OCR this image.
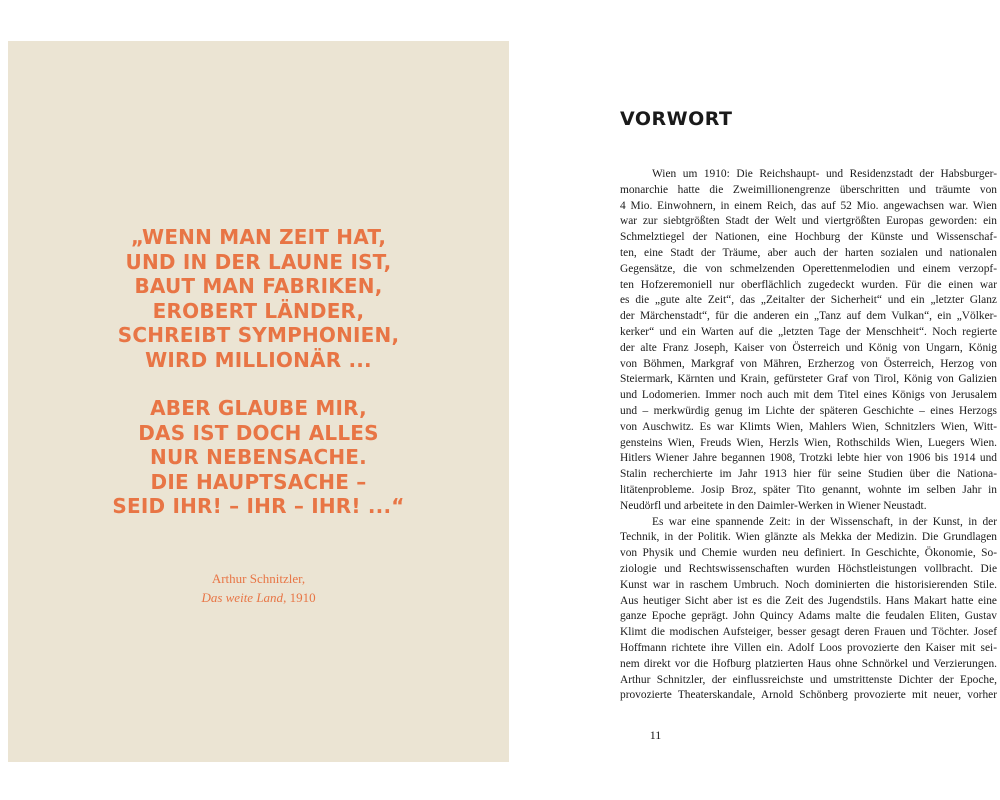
„WENN MAN ZEIT HAT,
UND IN DER LAUNE IST,
BAUT MAN FABRIKEN,
EROBERT LÄNDER,
SCHREIBT SYMPHONIEN,
WIRD MILLIONÄR ...
ABER GLAUBE MIR,
DAS IST DOCH ALLES
NUR NEBENSACHE.
DIE HAUPTSACHE –
SEID IHR! – IHR – IHR! ...“
Arthur Schnitzler,
Das weite Land, 1910
VORWORT
Wien um 1910: Die Reichshaupt- und Residenzstadt der Habsburger-
monarchie hatte die Zweimillionengrenze überschritten und träumte von
4 Mio. Einwohnern, in einem Reich, das auf 52 Mio. angewachsen war. Wien
war zur siebtgrößten Stadt der Welt und viertgrößten Europas geworden: ein
Schmelztiegel der Nationen, eine Hochburg der Künste und Wissenschaf-
ten, eine Stadt der Träume, aber auch der harten sozialen und nationalen
Gegensätze, die von schmelzenden Operettenmelodien und einem verzopf-
ten Hofzeremoniell nur oberflächlich zugedeckt wurden. Für die einen war
es die „gute alte Zeit“, das „Zeitalter der Sicherheit“ und ein „letzter Glanz
der Märchenstadt“, für die anderen ein „Tanz auf dem Vulkan“, ein „Völker-
kerker“ und ein Warten auf die „letzten Tage der Menschheit“. Noch regierte
der alte Franz Joseph, Kaiser von Österreich und König von Ungarn, König
von Böhmen, Markgraf von Mähren, Erzherzog von Österreich, Herzog von
Steiermark, Kärnten und Krain, gefürsteter Graf von Tirol, König von Galizien
und Lodomerien. Immer noch auch mit dem Titel eines Königs von Jerusalem
und – merkwürdig genug im Lichte der späteren Geschichte – eines Herzogs
von Auschwitz. Es war Klimts Wien, Mahlers Wien, Schnitzlers Wien, Witt-
gensteins Wien, Freuds Wien, Herzls Wien, Rothschilds Wien, Luegers Wien.
Hitlers Wiener Jahre begannen 1908, Trotzki lebte hier von 1906 bis 1914 und
Stalin recherchierte im Jahr 1913 hier für seine Studien über die Nationa-
litätenprobleme. Josip Broz, später Tito genannt, wohnte im selben Jahr in
Neudörfl und arbeitete in den Daimler-Werken in Wiener Neustadt.
Es war eine spannende Zeit: in der Wissenschaft, in der Kunst, in der
Technik, in der Politik. Wien glänzte als Mekka der Medizin. Die Grundlagen
von Physik und Chemie wurden neu definiert. In Geschichte, Ökonomie, So-
ziologie und Rechtswissenschaften wurden Höchstleistungen vollbracht. Die
Kunst war in raschem Umbruch. Noch dominierten die historisierenden Stile.
Aus heutiger Sicht aber ist es die Zeit des Jugendstils. Hans Makart hatte eine
ganze Epoche geprägt. John Quincy Adams malte die feudalen Eliten, Gustav
Klimt die modischen Aufsteiger, besser gesagt deren Frauen und Töchter. Josef
Hoffmann richtete ihre Villen ein. Adolf Loos provozierte den Kaiser mit sei-
nem direkt vor die Hofburg platzierten Haus ohne Schnörkel und Verzierungen.
Arthur Schnitzler, der einflussreichste und umstrittenste Dichter der Epoche,
provozierte Theaterskandale, Arnold Schönberg provozierte mit neuer, vorher
11
